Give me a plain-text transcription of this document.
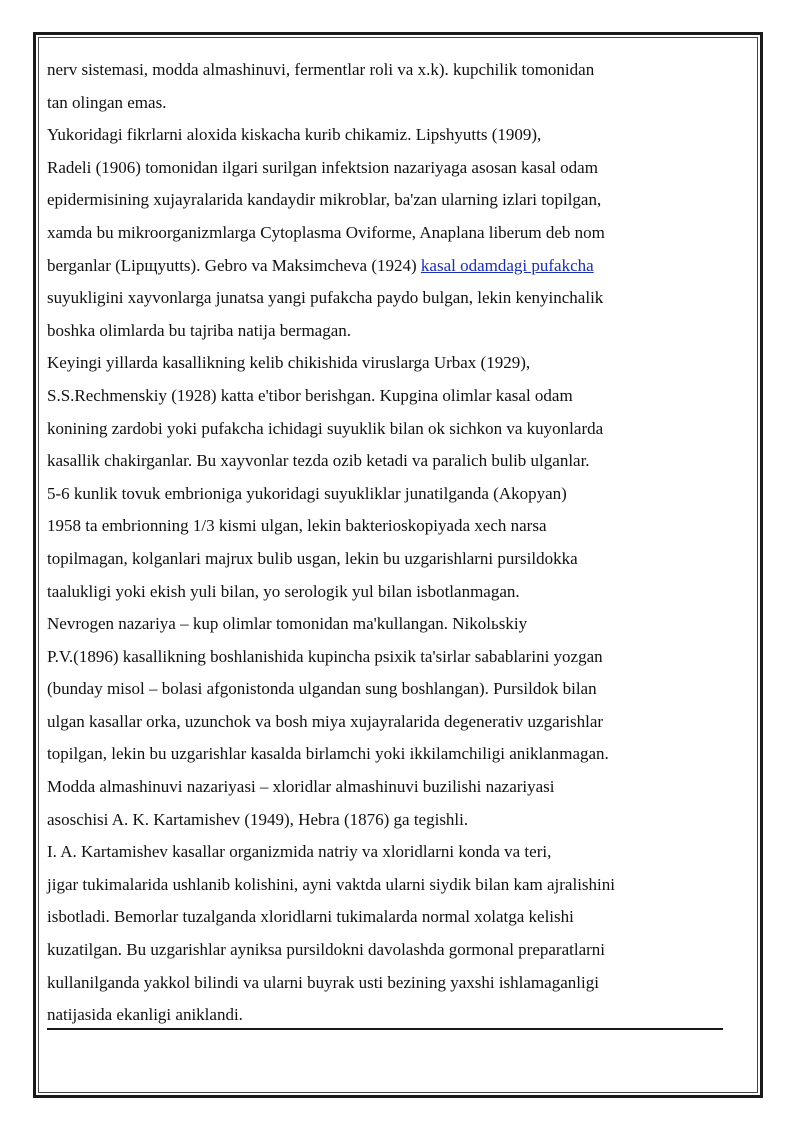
nerv sistemasi, modda almashinuvi, fermentlar roli va x.k). kupchilik tomonidan
tan olingan emas.
Yukoridagi fikrlarni aloxida kiskacha kurib chikamiz. Lipshyutts (1909),
Radeli (1906) tomonidan ilgari surilgan infektsion nazariyaga asosan kasal odam
epidermisining xujayralarida kandaydir mikroblar, ba'zan ularning izlari topilgan,
xamda bu mikroorganizmlarga Cytoplasma Oviforme, Anaplana liberum deb nom
berganlar (Lipщyutts). Gebro va Maksimcheva (1924) kasal odamdagi pufakcha
suyukligini xayvonlarga junatsa yangi pufakcha paydo bulgan, lekin kenyinchalik
boshka olimlarda bu tajriba natija bermagan.
Keyingi yillarda kasallikning kelib chikishida viruslarga Urbax (1929),
S.S.Rechmenskiy (1928) katta e'tibor berishgan. Kupgina olimlar kasal odam
konining zardobi yoki pufakcha ichidagi suyuklik bilan ok sichkon va kuyonlarda
kasallik chakirganlar. Bu xayvonlar tezda ozib ketadi va paralich bulib ulganlar.
5-6 kunlik tovuk embrioniga yukoridagi suyukliklar junatilganda (Akopyan)
1958 ta embrionning 1/3 kismi ulgan, lekin bakterioskopiyada xech narsa
topilmagan, kolganlari majrux bulib usgan, lekin bu uzgarishlarni pursildokka
taalukligi yoki ekish yuli bilan, yo serologik yul bilan isbotlanmagan.
Nevrogen nazariya – kup olimlar tomonidan ma'kullangan. Nikolьskiy
P.V.(1896) kasallikning boshlanishida kupincha psixik ta'sirlar sabablarini yozgan
(bunday misol – bolasi afgonistonda ulgandan sung boshlangan). Pursildok bilan
ulgan kasallar orka, uzunchok va bosh miya xujayralarida degenerativ uzgarishlar
topilgan, lekin bu uzgarishlar kasalda birlamchi yoki ikkilamchiligi aniklanmagan.
Modda almashinuvi nazariyasi – xloridlar almashinuvi buzilishi nazariyasi
asoschisi A. K. Kartamishev (1949), Hebra (1876) ga tegishli.
I. A. Kartamishev kasallar organizmida natriy va xloridlarni konda va teri,
jigar tukimalarida ushlanib kolishini, ayni vaktda ularni siydik bilan kam ajralishini
isbotladi. Bemorlar tuzalganda xloridlarni tukimalarda normal xolatga kelishi
kuzatilgan. Bu uzgarishlar ayniksa pursildokni davolashda gormonal preparatlarni
kullanilganda yakkol bilindi va ularni buyrak usti bezining yaxshi ishlamaganligi
natijasida ekanligi aniklandi.
